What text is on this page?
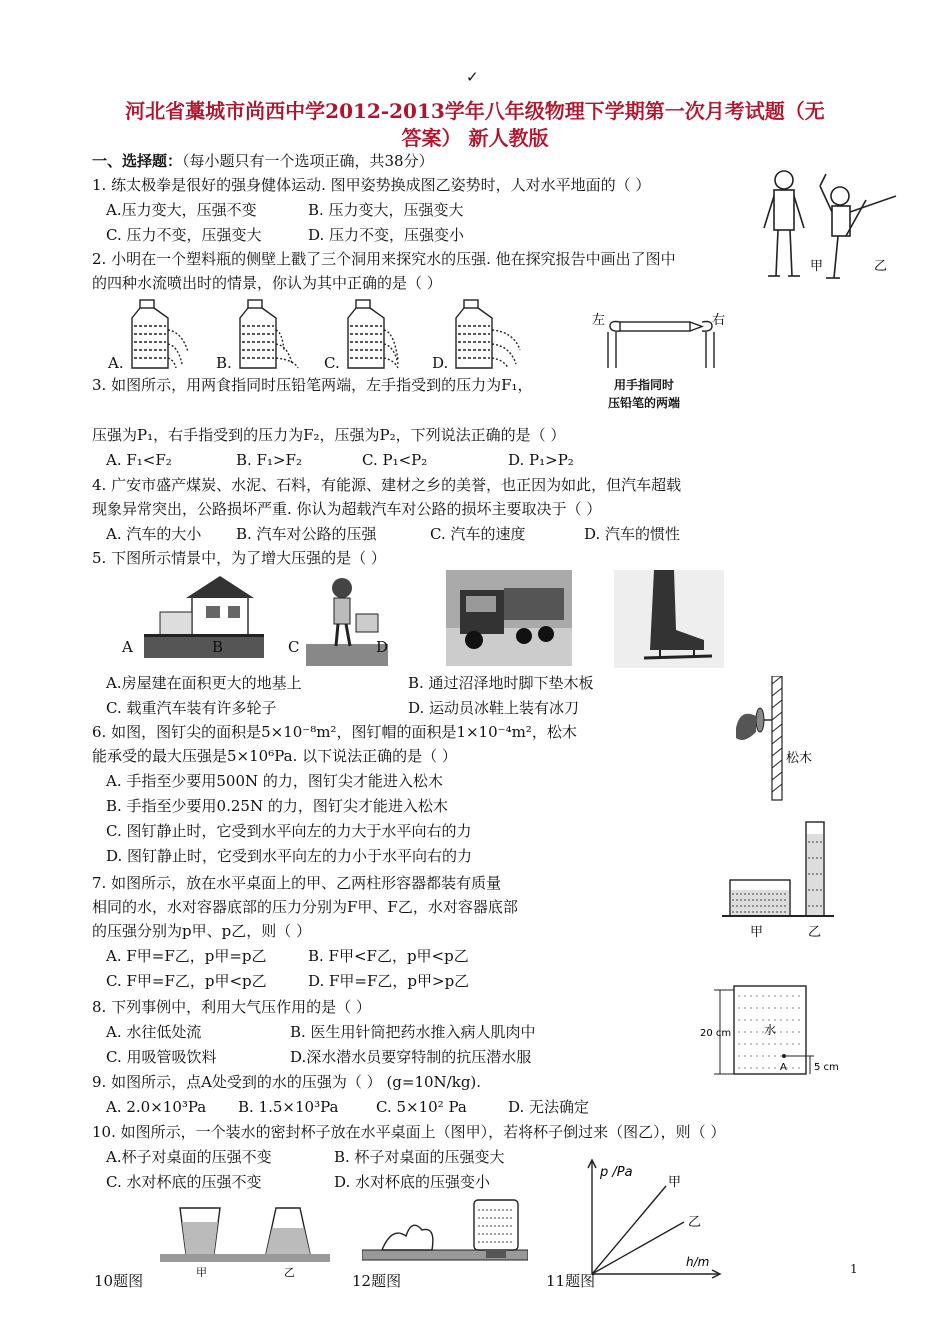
✓
河北省藁城市尚西中学2012-2013学年八年级物理下学期第一次月考试题（无
答案） 新人教版
一、选择题：（每小题只有一个选项正确，共38分）
1. 练太极拳是很好的强身健体运动. 图甲姿势换成图乙姿势时，人对水平地面的（ ）
A.压力变大，压强不变	B. 压力变大，压强变大
C. 压力不变，压强变大	D. 压力不变，压强变小
甲	乙
2. 小明在一个塑料瓶的侧壁上戳了三个洞用来探究水的压强. 他在探究报告中画出了图中
的四种水流喷出时的情景，你认为其中正确的是（ ）
A.	B.	C.	D.
左	右
用手指同时
压铅笔的两端
3. 如图所示，用两食指同时压铅笔两端，左手指受到的压力为F₁，
压强为P₁，右手指受到的压力为F₂，压强为P₂，下列说法正确的是（ ）
A. F₁<F₂	B. F₁>F₂	C. P₁<P₂	D. P₁>P₂
4. 广安市盛产煤炭、水泥、石料，有能源、建材之乡的美誉，也正因为如此，但汽车超载
现象异常突出，公路损坏严重. 你认为超载汽车对公路的损坏主要取决于（ ）
A. 汽车的大小 B. 汽车对公路的压强	C. 汽车的速度	D. 汽车的惯性
5. 下图所示情景中，为了增大压强的是（ ）
A	B	C	D
A.房屋建在面积更大的地基上	B. 通过沼泽地时脚下垫木板
C. 载重汽车装有许多轮子	D. 运动员冰鞋上装有冰刀
6. 如图，图钉尖的面积是5×10⁻⁸m²，图钉帽的面积是1×10⁻⁴m²，松木
能承受的最大压强是5×10⁶Pa. 以下说法正确的是（ ）
A. 手指至少要用500N 的力，图钉尖才能进入松木
B. 手指至少要用0.25N 的力，图钉尖才能进入松木
C. 图钉静止时，它受到水平向左的力大于水平向右的力
D. 图钉静止时，它受到水平向左的力小于水平向右的力
松木
7. 如图所示，放在水平桌面上的甲、乙两柱形容器都装有质量
相同的水，水对容器底部的压力分别为F甲、F乙，水对容器底部
的压强分别为p甲、p乙，则（ ）
A. F甲=F乙，p甲=p乙	B. F甲<F乙，p甲<p乙
C. F甲=F乙，p甲<p乙	D. F甲=F乙，p甲>p乙
甲	乙
8. 下列事例中，利用大气压作用的是（ ）
A. 水往低处流	B. 医生用针筒把药水推入病人肌肉中
C. 用吸管吸饮料	D.深水潜水员要穿特制的抗压潜水服
20 cm	水
A	5 cm
9. 如图所示，点A处受到的水的压强为（ ） (g=10N/kg).
A. 2.0×10³Pa B. 1.5×10³Pa	C. 5×10² Pa	D. 无法确定
10. 如图所示，一个装水的密封杯子放在水平桌面上（图甲），若将杯子倒过来（图乙），则（ ）
A.杯子对桌面的压强不变	B. 杯子对桌面的压强变大
C. 水对杯底的压强不变	D. 水对杯底的压强变小
甲	乙
p /Pa
h/m
甲
乙
10题图	12题图	11题图
1
